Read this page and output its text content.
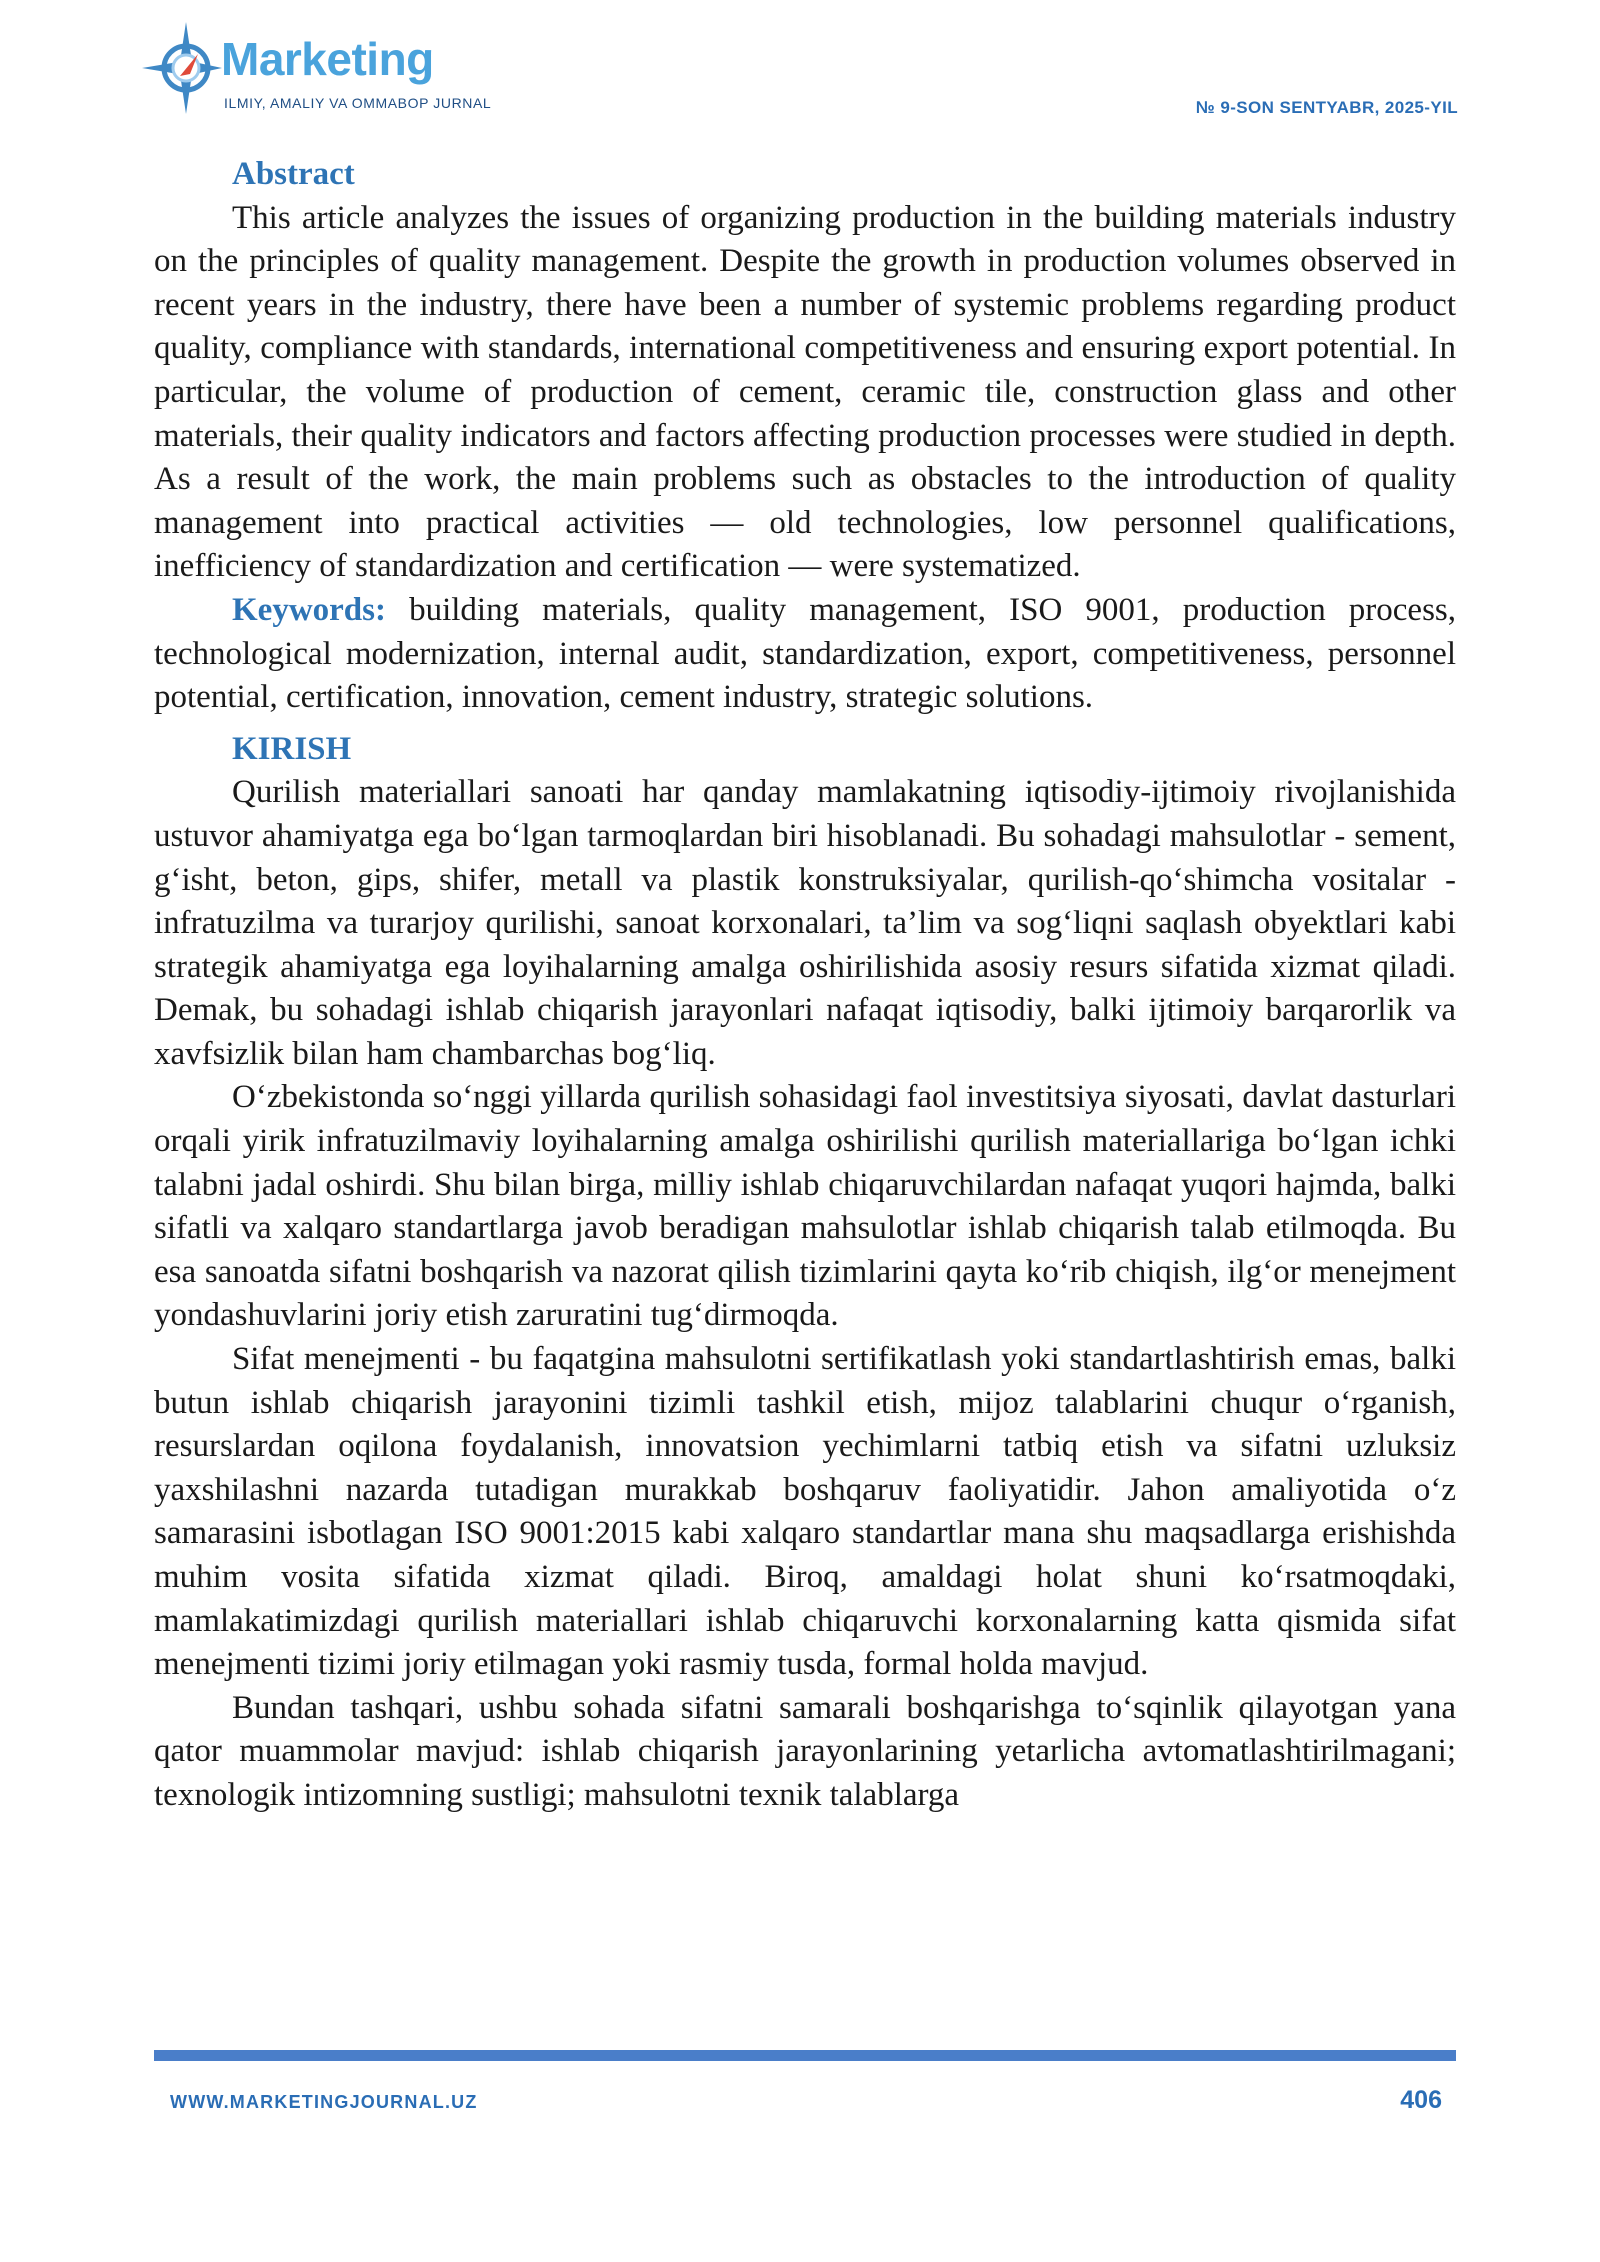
Marketing
ILMIY, AMALIY VA OMMABOP JURNAL	№ 9-SON SENTYABR, 2025-YIL
Abstract

This article analyzes the issues of organizing production in the building materials industry on the principles of quality management. Despite the growth in production volumes observed in recent years in the industry, there have been a number of systemic problems regarding product quality, compliance with standards, international competitiveness and ensuring export potential. In particular, the volume of production of cement, ceramic tile, construction glass and other materials, their quality indicators and factors affecting production processes were studied in depth. As a result of the work, the main problems such as obstacles to the introduction of quality management into practical activities — old technologies, low personnel qualifications, inefficiency of standardization and certification — were systematized.

Keywords: building materials, quality management, ISO 9001, production process, technological modernization, internal audit, standardization, export, competitiveness, personnel potential, certification, innovation, cement industry, strategic solutions.

KIRISH

Qurilish materiallari sanoati har qanday mamlakatning iqtisodiy-ijtimoiy rivojlanishida ustuvor ahamiyatga ega bo‘lgan tarmoqlardan biri hisoblanadi. Bu sohadagi mahsulotlar - sement, g‘isht, beton, gips, shifer, metall va plastik konstruksiyalar, qurilish-qo‘shimcha vositalar - infratuzilma va turarjoy qurilishi, sanoat korxonalari, ta’lim va sog‘liqni saqlash obyektlari kabi strategik ahamiyatga ega loyihalarning amalga oshirilishida asosiy resurs sifatida xizmat qiladi. Demak, bu sohadagi ishlab chiqarish jarayonlari nafaqat iqtisodiy, balki ijtimoiy barqarorlik va xavfsizlik bilan ham chambarchas bog‘liq.

O‘zbekistonda so‘nggi yillarda qurilish sohasidagi faol investitsiya siyosati, davlat dasturlari orqali yirik infratuzilmaviy loyihalarning amalga oshirilishi qurilish materiallariga bo‘lgan ichki talabni jadal oshirdi. Shu bilan birga, milliy ishlab chiqaruvchilardan nafaqat yuqori hajmda, balki sifatli va xalqaro standartlarga javob beradigan mahsulotlar ishlab chiqarish talab etilmoqda. Bu esa sanoatda sifatni boshqarish va nazorat qilish tizimlarini qayta ko‘rib chiqish, ilg‘or menejment yondashuvlarini joriy etish zaruratini tug‘dirmoqda.

Sifat menejmenti - bu faqatgina mahsulotni sertifikatlash yoki standartlashtirish emas, balki butun ishlab chiqarish jarayonini tizimli tashkil etish, mijoz talablarini chuqur o‘rganish, resurslardan oqilona foydalanish, innovatsion yechimlarni tatbiq etish va sifatni uzluksiz yaxshilashni nazarda tutadigan murakkab boshqaruv faoliyatidir. Jahon amaliyotida o‘z samarasini isbotlagan ISO 9001:2015 kabi xalqaro standartlar mana shu maqsadlarga erishishda muhim vosita sifatida xizmat qiladi. Biroq, amaldagi holat shuni ko‘rsatmoqdaki, mamlakatimizdagi qurilish materiallari ishlab chiqaruvchi korxonalarning katta qismida sifat menejmenti tizimi joriy etilmagan yoki rasmiy tusda, formal holda mavjud.

Bundan tashqari, ushbu sohada sifatni samarali boshqarishga to‘sqinlik qilayotgan yana qator muammolar mavjud: ishlab chiqarish jarayonlarining yetarlicha avtomatlashtirilmagani; texnologik intizomning sustligi; mahsulotni texnik talablarga

WWW.MARKETINGJOURNAL.UZ	406
